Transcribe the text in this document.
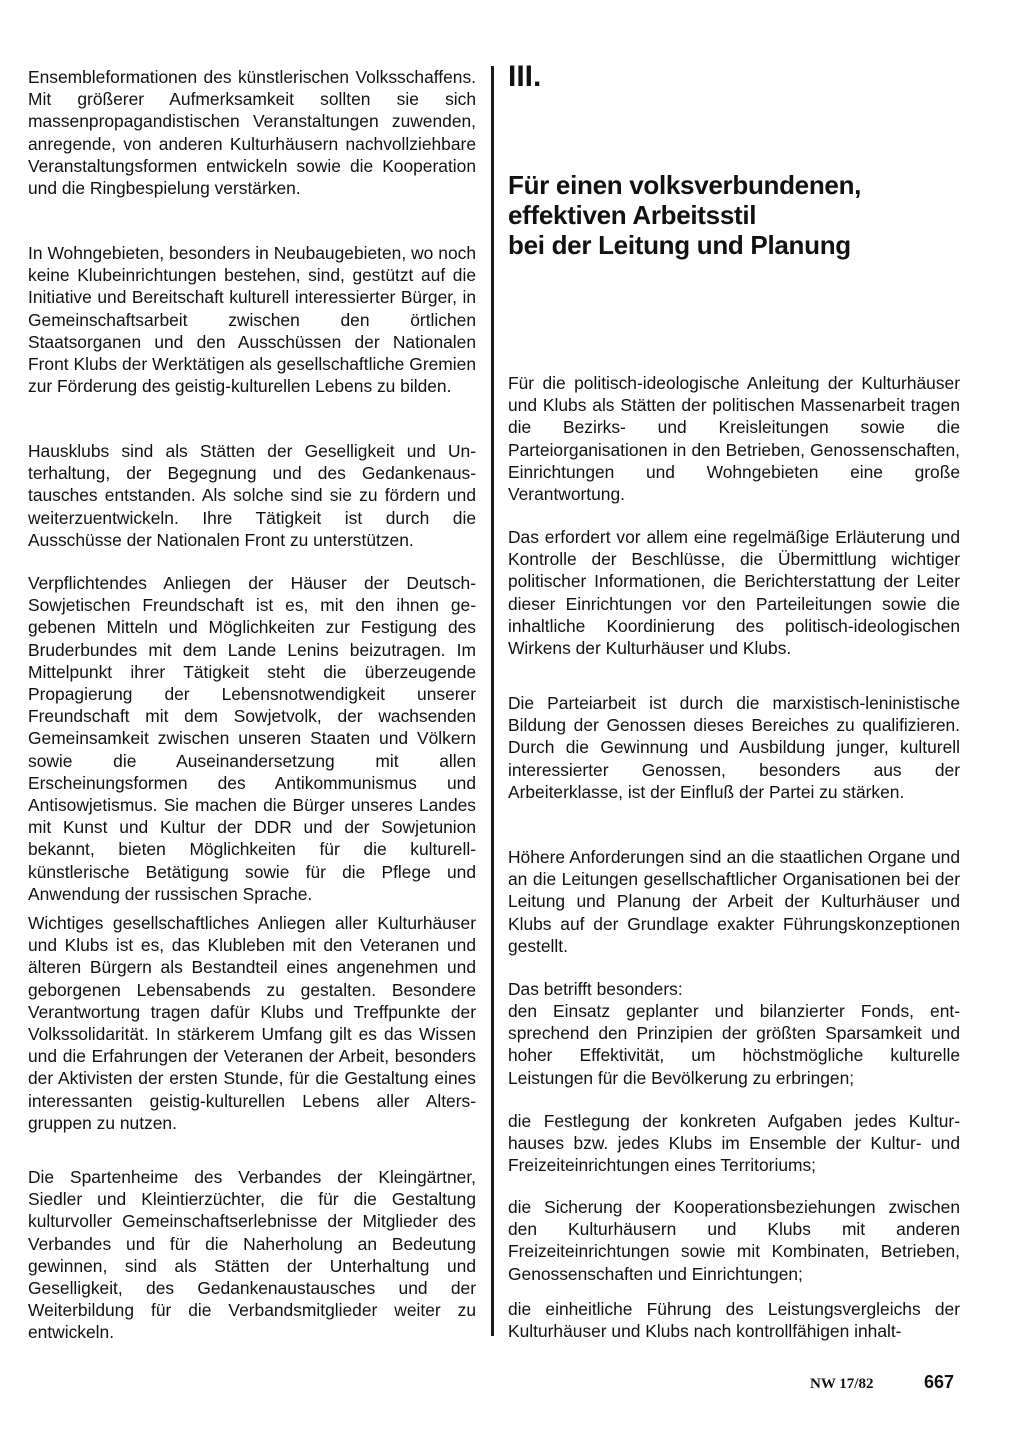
Ensembleformationen des künstlerischen Volksschaffens. Mit größerer Aufmerksamkeit sollten sie sich massenpropagandistischen Veranstaltungen zuwenden, anregende, von anderen Kulturhäusern nachvollziehbare Veranstaltungsformen entwickeln sowie die Kooperation und die Ringbespielung verstärken.

In Wohngebieten, besonders in Neubaugebieten, wo noch keine Klubeinrichtungen bestehen, sind, gestützt auf die Initiative und Bereitschaft kulturell interessierter Bürger, in Gemeinschaftsarbeit zwischen den örtlichen Staatsorganen und den Ausschüssen der Nationalen Front Klubs der Werktätigen als gesellschaftliche Gremien zur Förderung des geistig-kulturellen Lebens zu bilden.

Hausklubs sind als Stätten der Geselligkeit und Unterhaltung, der Begegnung und des Gedankenaustausches entstanden. Als solche sind sie zu fördern und weiterzuentwickeln. Ihre Tätigkeit ist durch die Ausschüsse der Nationalen Front zu unterstützen.

Verpflichtendes Anliegen der Häuser der Deutsch-Sowjetischen Freundschaft ist es, mit den ihnen gegebenen Mitteln und Möglichkeiten zur Festigung des Bruderbundes mit dem Lande Lenins beizutragen. Im Mittelpunkt ihrer Tätigkeit steht die überzeugende Propagierung der Lebensnotwendigkeit unserer Freundschaft mit dem Sowjetvolk, der wachsenden Gemeinsamkeit zwischen unseren Staaten und Völkern sowie die Auseinandersetzung mit allen Erscheinungsformen des Antikommunismus und Antisowjetismus. Sie machen die Bürger unseres Landes mit Kunst und Kultur der DDR und der Sowjetunion bekannt, bieten Möglichkeiten für die kulturell-künstlerische Betätigung sowie für die Pflege und Anwendung der russischen Sprache.

Wichtiges gesellschaftliches Anliegen aller Kulturhäuser und Klubs ist es, das Klubleben mit den Veteranen und älteren Bürgern als Bestandteil eines angenehmen und geborgenen Lebensabends zu gestalten. Besondere Verantwortung tragen dafür Klubs und Treffpunkte der Volkssolidarität. In stärkerem Umfang gilt es das Wissen und die Erfahrungen der Veteranen der Arbeit, besonders der Aktivisten der ersten Stunde, für die Gestaltung eines interessanten geistig-kulturellen Lebens aller Altersgruppen zu nutzen.

Die Spartenheime des Verbandes der Kleingärtner, Siedler und Kleintierzüchter, die für die Gestaltung kulturvoller Gemeinschaftserlebnisse der Mitglieder des Verbandes und für die Naherholung an Bedeutung gewinnen, sind als Stätten der Unterhaltung und Geselligkeit, des Gedankenaustausches und der Weiterbildung für die Verbandsmitglieder weiter zu entwickeln.

III.
Für einen volksverbundenen,
effektiven Arbeitsstil
bei der Leitung und Planung

Für die politisch-ideologische Anleitung der Kulturhäuser und Klubs als Stätten der politischen Massenarbeit tragen die Bezirks- und Kreisleitungen sowie die Parteiorganisationen in den Betrieben, Genossenschaften, Einrichtungen und Wohngebieten eine große Verantwortung.

Das erfordert vor allem eine regelmäßige Erläuterung und Kontrolle der Beschlüsse, die Übermittlung wichtiger politischer Informationen, die Berichterstattung der Leiter dieser Einrichtungen vor den Parteileitungen sowie die inhaltliche Koordinierung des politisch-ideologischen Wirkens der Kulturhäuser und Klubs.

Die Parteiarbeit ist durch die marxistisch-leninistische Bildung der Genossen dieses Bereiches zu qualifizieren. Durch die Gewinnung und Ausbildung junger, kulturell interessierter Genossen, besonders aus der Arbeiterklasse, ist der Einfluß der Partei zu stärken.

Höhere Anforderungen sind an die staatlichen Organe und an die Leitungen gesellschaftlicher Organisationen bei der Leitung und Planung der Arbeit der Kulturhäuser und Klubs auf der Grundlage exakter Führungskonzeptionen gestellt.

Das betrifft besonders:

den Einsatz geplanter und bilanzierter Fonds, entsprechend den Prinzipien der größten Sparsamkeit und hoher Effektivität, um höchstmögliche kulturelle Leistungen für die Bevölkerung zu erbringen;

die Festlegung der konkreten Aufgaben jedes Kulturhauses bzw. jedes Klubs im Ensemble der Kultur- und Freizeiteinrichtungen eines Territoriums;

die Sicherung der Kooperationsbeziehungen zwischen den Kulturhäusern und Klubs mit anderen Freizeiteinrichtungen sowie mit Kombinaten, Betrieben, Genossenschaften und Einrichtungen;

die einheitliche Führung des Leistungsvergleichs der Kulturhäuser und Klubs nach kontrollfähigen inhalt-

NW 17/82	667
